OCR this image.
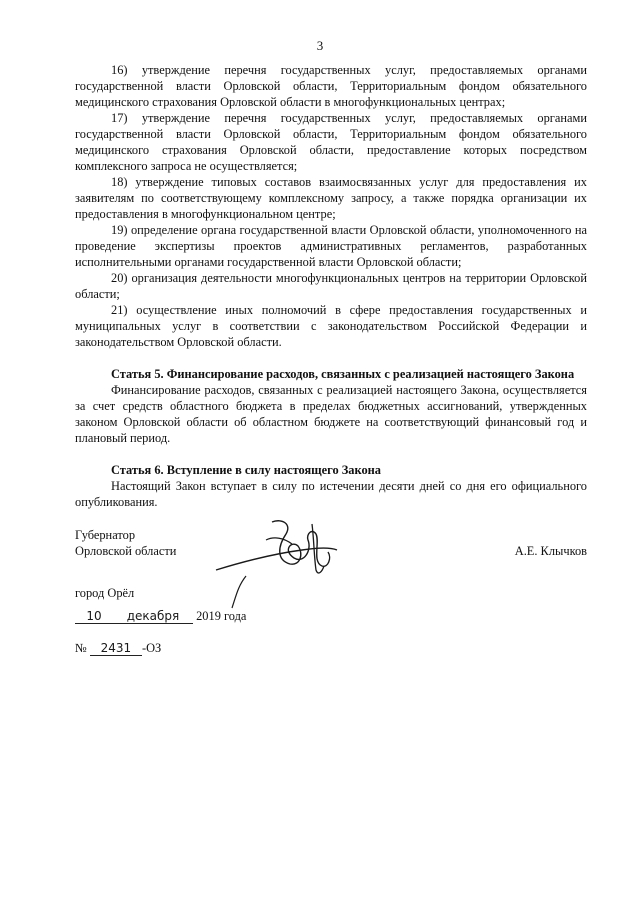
3

16) утверждение перечня государственных услуг, предоставляемых органами государственной власти Орловской области, Территориальным фондом обязательного медицинского страхования Орловской области в многофункциональных центрах;

17) утверждение перечня государственных услуг, предоставляемых органами государственной власти Орловской области, Территориальным фондом обязательного медицинского страхования Орловской области, предоставление которых посредством комплексного запроса не осуществляется;

18) утверждение типовых составов взаимосвязанных услуг для предоставления их заявителям по соответствующему комплексному запросу, а также порядка организации их предоставления в многофункциональном центре;

19) определение органа государственной власти Орловской области, уполномоченного на проведение экспертизы проектов административных регламентов, разработанных исполнительными органами государственной власти Орловской области;

20) организация деятельности многофункциональных центров на территории Орловской области;

21) осуществление иных полномочий в сфере предоставления государственных и муниципальных услуг в соответствии с законодательством Российской Федерации и законодательством Орловской области.

Статья 5. Финансирование расходов, связанных с реализацией настоящего Закона

Финансирование расходов, связанных с реализацией настоящего Закона, осуществляется за счет средств областного бюджета в пределах бюджетных ассигнований, утвержденных законом Орловской области об областном бюджете на соответствующий финансовый год и плановый период.

Статья 6. Вступление в силу настоящего Закона

Настоящий Закон вступает в силу по истечении десяти дней со дня его официального опубликования.

Губернатор
Орловской области	А.Е. Клычков
город Орёл
10 декабря 2019 года
№ 2431 -ОЗ
